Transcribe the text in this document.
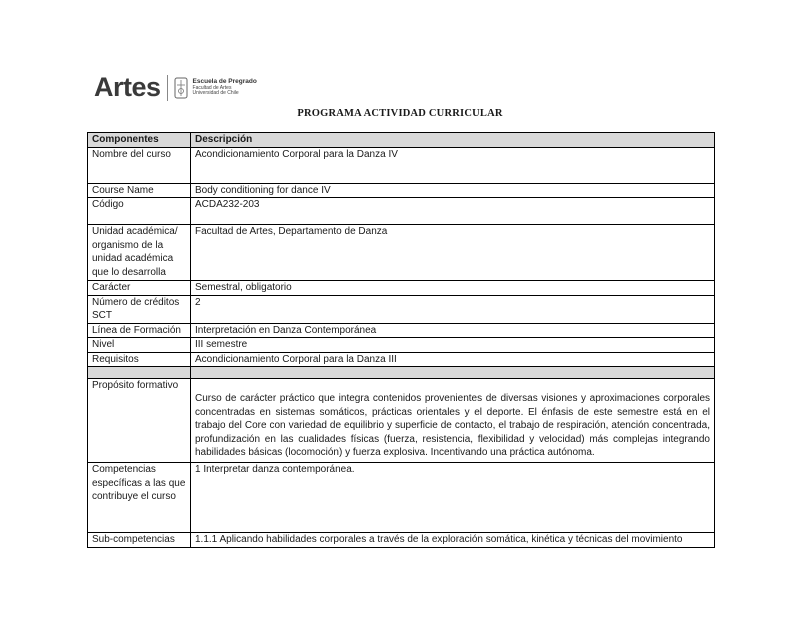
Artes	Escuela de Pregrado
Facultad de Artes
Universidad de Chile
PROGRAMA ACTIVIDAD CURRICULAR
Componentes	Descripción
Nombre del curso	Acondicionamiento Corporal para la Danza IV
Course Name	Body conditioning for dance IV
Código	ACDA232-203
Unidad académica/ organismo de la unidad académica que lo desarrolla	Facultad de Artes, Departamento de Danza
Carácter	Semestral, obligatorio
Número de créditos SCT	2
Línea de Formación	Interpretación en Danza Contemporánea
Nivel	III semestre
Requisitos	Acondicionamiento Corporal para la Danza III

Propósito formativo	Curso de carácter práctico que integra contenidos provenientes de diversas visiones y aproximaciones corporales concentradas en sistemas somáticos, prácticas orientales y el deporte. El énfasis de este semestre está en el trabajo del Core con variedad de equilibrio y superficie de contacto, el trabajo de respiración, atención concentrada, profundización en las cualidades físicas (fuerza, resistencia, flexibilidad y velocidad) más complejas integrando habilidades básicas (locomoción) y fuerza explosiva. Incentivando una práctica autónoma.
Competencias específicas a las que contribuye el curso	1 Interpretar danza contemporánea.
Sub-competencias	1.1.1 Aplicando habilidades corporales a través de la exploración somática, kinética y técnicas del movimiento
